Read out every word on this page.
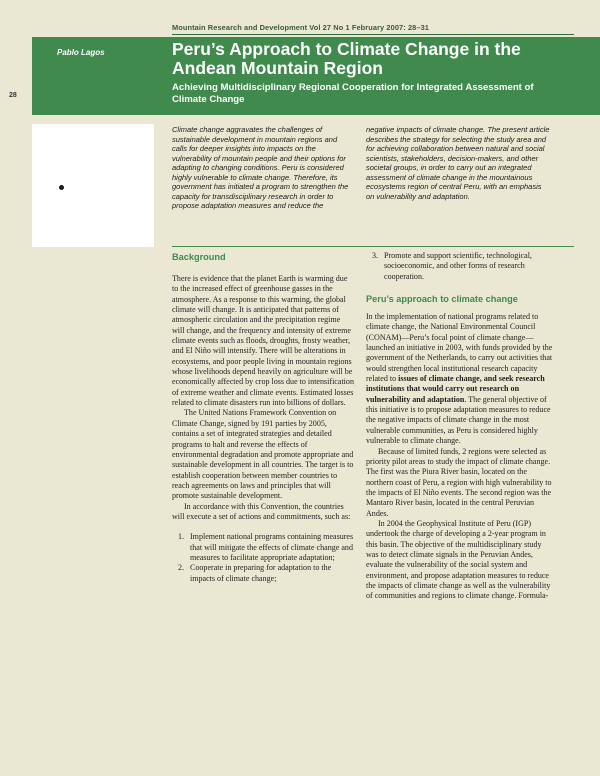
Mountain Research and Development Vol 27 No 1 February 2007: 28–31
Pablo Lagos
28
Peru’s Approach to Climate Change in the Andean Mountain Region
Achieving Multidisciplinary Regional Cooperation for Integrated Assessment of Climate Change

Climate change aggravates the challenges of sustainable development in mountain regions and calls for deeper insights into impacts on the vulnerability of mountain people and their options for adapting to changing conditions. Peru is considered highly vulnerable to climate change. Therefore, its government has initiated a program to strengthen the capacity for transdisciplinary research in order to propose adaptation measures and reduce the

negative impacts of climate change. The present article describes the strategy for selecting the study area and for achieving collaboration between natural and social scientists, stakeholders, decision-makers, and other societal groups, in order to carry out an integrated assessment of climate change in the mountainous ecosystems region of central Peru, with an emphasis on vulnerability and adaptation.

Background

There is evidence that the planet Earth is warming due to the increased effect of greenhouse gasses in the atmosphere. As a response to this warming, the global climate will change. It is anticipated that patterns of atmospheric circulation and the precipitation regime will change, and the frequency and intensity of extreme climate events such as floods, droughts, frosty weather, and El Niño will intensify. There will be alterations in ecosystems, and poor people living in mountain regions whose livelihoods depend heavily on agriculture will be economically affected by crop loss due to intensification of extreme weather and climate events. Estimated losses related to climate disasters run into billions of dollars.

The United Nations Framework Convention on Climate Change, signed by 191 parties by 2005, contains a set of integrated strategies and detailed programs to halt and reverse the effects of environmental degradation and promote appropriate and sustainable development in all countries. The target is to establish cooperation between member countries to reach agreements on laws and principles that will promote sustainable development.

In accordance with this Convention, the countries will execute a set of actions and commitments, such as:

1. Implement national programs containing measures that will mitigate the effects of climate change and measures to facilitate appropriate adaptation;
2. Cooperate in preparing for adaptation to the impacts of climate change;
3. Promote and support scientific, technological, socioeconomic, and other forms of research cooperation.
Peru’s approach to climate change

In the implementation of national programs related to climate change, the National Environmental Council (CONAM)—Peru’s focal point of climate change—launched an initiative in 2003, with funds provided by the government of the Netherlands, to carry out activities that would strengthen local institutional research capacity related to issues of climate change, and seek research institutions that would carry out research on vulnerability and adaptation. The general objective of this initiative is to propose adaptation measures to reduce the negative impacts of climate change in the most vulnerable communities, as Peru is considered highly vulnerable to climate change.

Because of limited funds, 2 regions were selected as priority pilot areas to study the impact of climate change. The first was the Piura River basin, located on the northern coast of Peru, a region with high vulnerability to the impacts of El Niño events. The second region was the Mantaro River basin, located in the central Peruvian Andes.

In 2004 the Geophysical Institute of Peru (IGP) undertook the charge of developing a 2-year program in this basin. The objective of the multidisciplinary study was to detect climate signals in the Peruvian Andes, evaluate the vulnerability of the social system and environment, and propose adaptation measures to reduce the impacts of climate change as well as the vulnerability of communities and regions to climate change. Formula-
